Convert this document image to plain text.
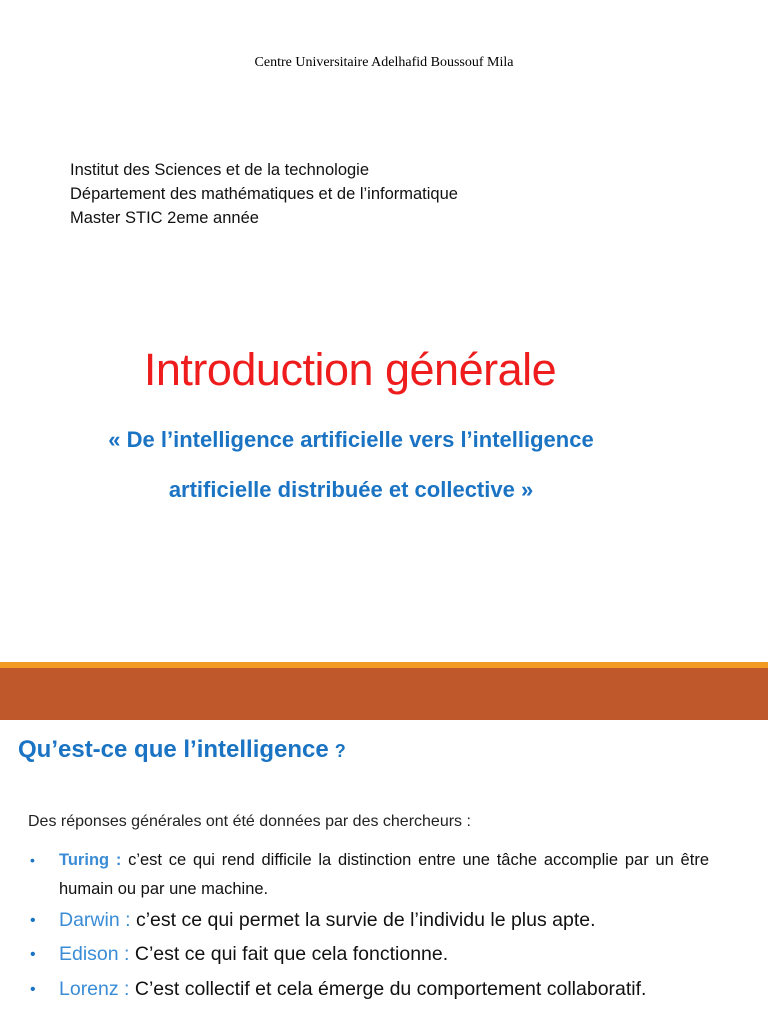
Centre Universitaire Adelhafid Boussouf Mila
Institut des Sciences et de la technologie
Département des mathématiques et de l’informatique
Master STIC 2eme année
Introduction générale
« De l’intelligence artificielle vers l’intelligence
artificielle distribuée et collective »
Qu’est-ce que l’intelligence ?
Des réponses générales ont été données par des chercheurs :
• Turing : c’est ce qui rend difficile la distinction entre une tâche accomplie par un être humain ou par une machine.
• Darwin : c’est ce qui permet la survie de l’individu le plus apte.
• Edison : C’est ce qui fait que cela fonctionne.
• Lorenz : C’est collectif et cela émerge du comportement collaboratif.
